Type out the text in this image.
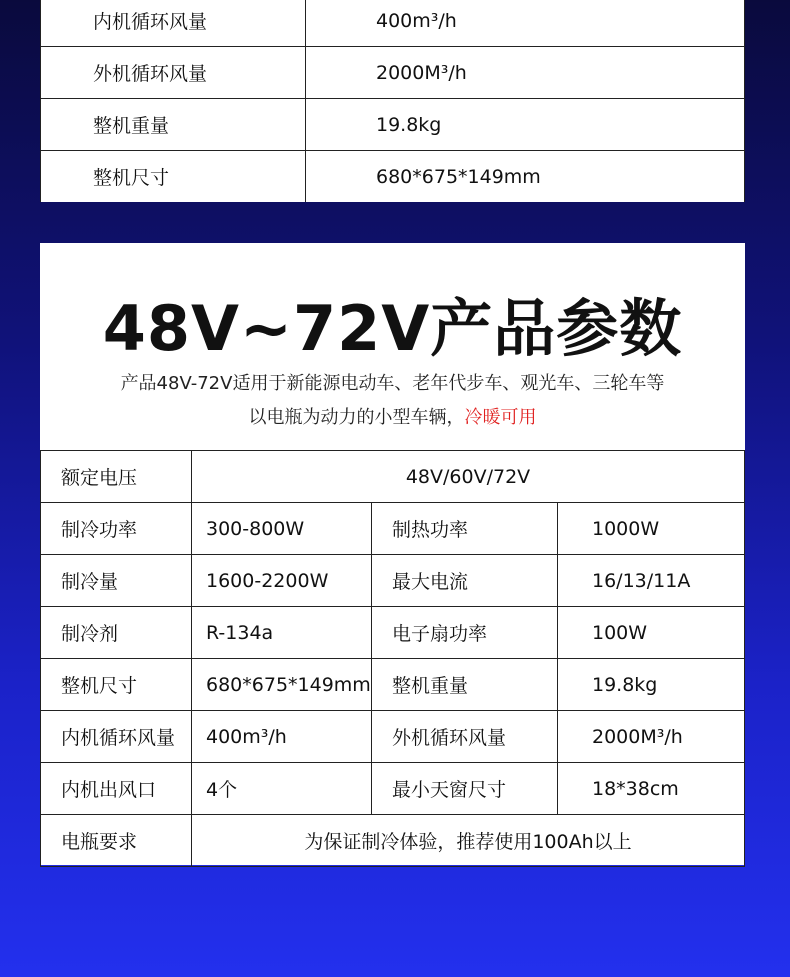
内机循环风量	400m³/h
外机循环风量	2000M³/h
整机重量	19.8kg
整机尺寸	680*675*149mm
48V~72V产品参数
产品48V-72V适用于新能源电动车、老年代步车、观光车、三轮车等
以电瓶为动力的小型车辆，冷暖可用
额定电压	48V/60V/72V		
制冷功率	300-800W	制热功率	1000W
制冷量	1600-2200W	最大电流	16/13/11A
制冷剂	R-134a	电子扇功率	100W
整机尺寸	680*675*149mm	整机重量	19.8kg
内机循环风量	400m³/h	外机循环风量	2000M³/h
内机出风口	4个	最小天窗尺寸	18*38cm
电瓶要求	为保证制冷体验，推荐使用100Ah以上		
